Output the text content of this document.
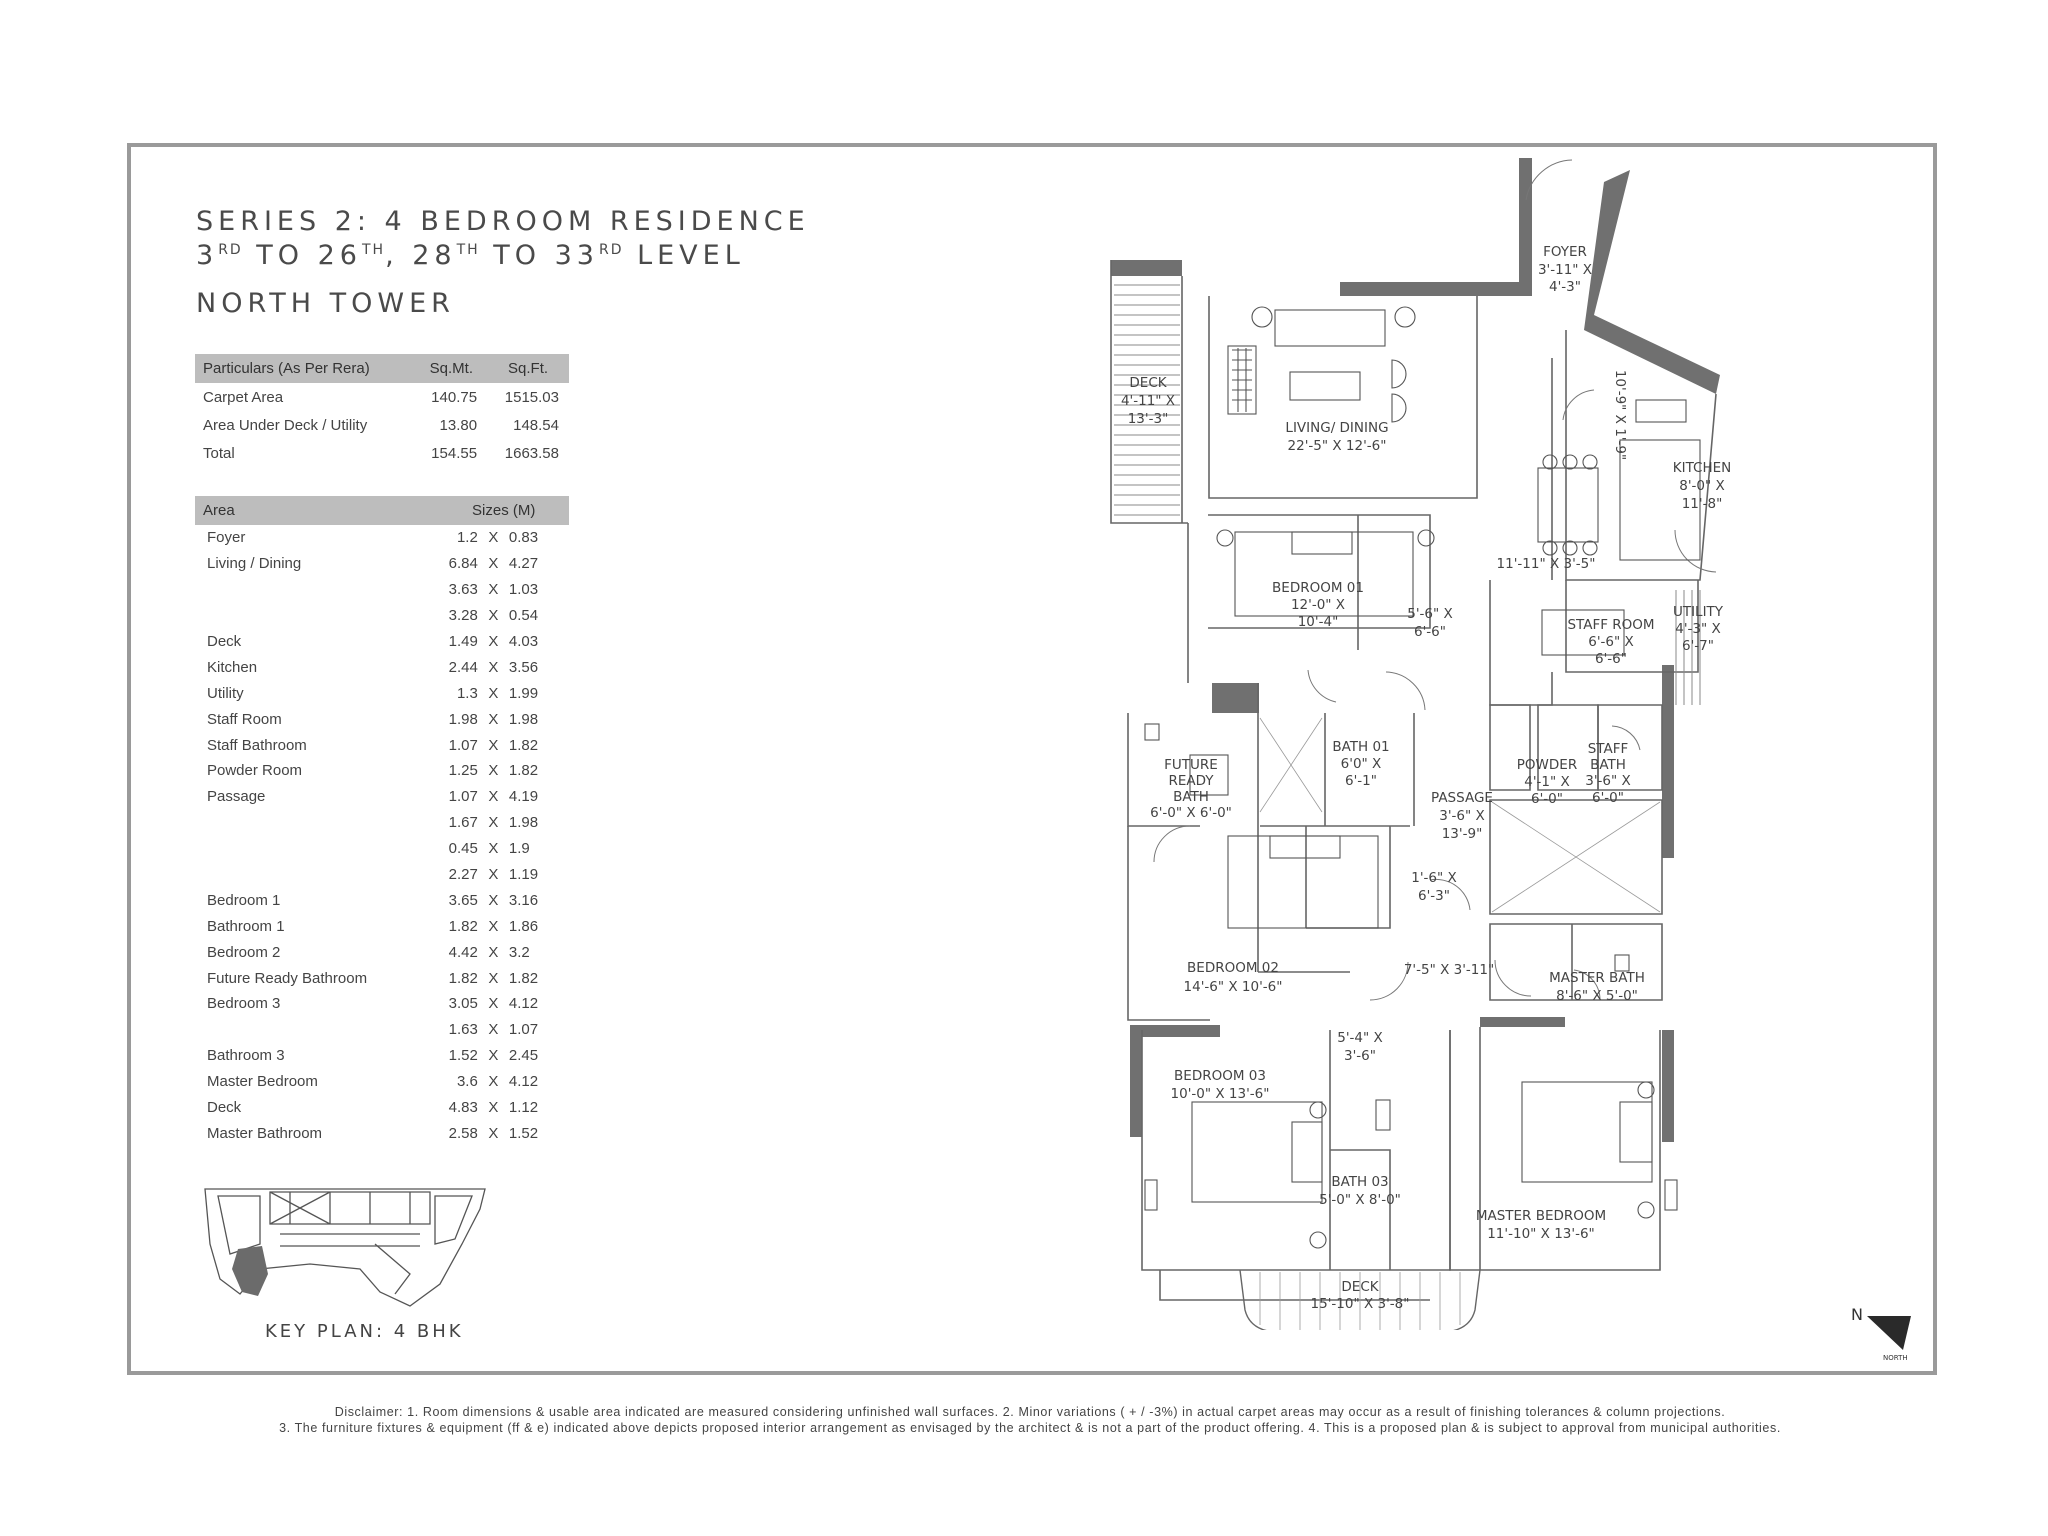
SERIES 2: 4 BEDROOM RESIDENCE
3RD TO 26TH, 28TH TO 33RD LEVEL
NORTH TOWER
Particulars (As Per Rera)	Sq.Mt.	Sq.Ft.
Carpet Area	140.75	1515.03
Area Under Deck / Utility	13.80	148.54
Total	154.55	1663.58
Area	Sizes (M)		
Foyer	1.2	X	0.83
Living / Dining	6.84	X	4.27
	3.63	X	1.03
	3.28	X	0.54
Deck	1.49	X	4.03
Kitchen	2.44	X	3.56
Utility	1.3	X	1.99
Staff Room	1.98	X	1.98
Staff Bathroom	1.07	X	1.82
Powder Room	1.25	X	1.82
Passage	1.07	X	4.19
	1.67	X	1.98
	0.45	X	1.9
	2.27	X	1.19
Bedroom 1	3.65	X	3.16
Bathroom 1	1.82	X	1.86
Bedroom 2	4.42	X	3.2
Future Ready Bathroom	1.82	X	1.82
Bedroom 3	3.05	X	4.12
	1.63	X	1.07
Bathroom 3	1.52	X	2.45
Master Bedroom	3.6	X	4.12
Deck	4.83	X	1.12
Master Bathroom	2.58	X	1.52
KEY PLAN: 4 BHK
FOYER
3'-11" X
4'-3"
DECK
4'-11" X
13'-3"
LIVING/ DINING
22'-5" X 12'-6"
KITCHEN
8'-0" X
11'-8"
11'-11" X 3'-5"
10'-9" X 1'-9"
BEDROOM 01
12'-0" X
10'-4"	5'-6" X
6'-6"	STAFF ROOM
6'-6" X
6'-6"
UTILITY
4'-3" X
6'-7"
FUTURE
READY
BATH
6'-0" X 6'-0"
BATH 01
6'0" X
6'-1"
PASSAGE
3'-6" X
13'-9"
POWDER
4'-1" X
6'-0"
STAFF
BATH
3'-6" X
6'-0"
1'-6" X
6'-3"
BEDROOM 02
14'-6" X 10'-6"
7'-5" X 3'-11"	MASTER BATH
8'-6" X 5'-0"
5'-4" X
3'-6"
BEDROOM 03
10'-0" X 13'-6"
BATH 03
5'-0" X 8'-0"
MASTER BEDROOM
11'-10" X 13'-6"
DECK
15'-10" X 3'-8"
N
NORTH
Disclaimer: 1. Room dimensions & usable area indicated are measured considering unfinished wall surfaces. 2. Minor variations ( + / -3%) in actual carpet areas may occur as a result of finishing tolerances & column projections.
3. The furniture fixtures & equipment (ff & e) indicated above depicts proposed interior arrangement as envisaged by the architect & is not a part of the product offering. 4. This is a proposed plan & is subject to approval from municipal authorities.
